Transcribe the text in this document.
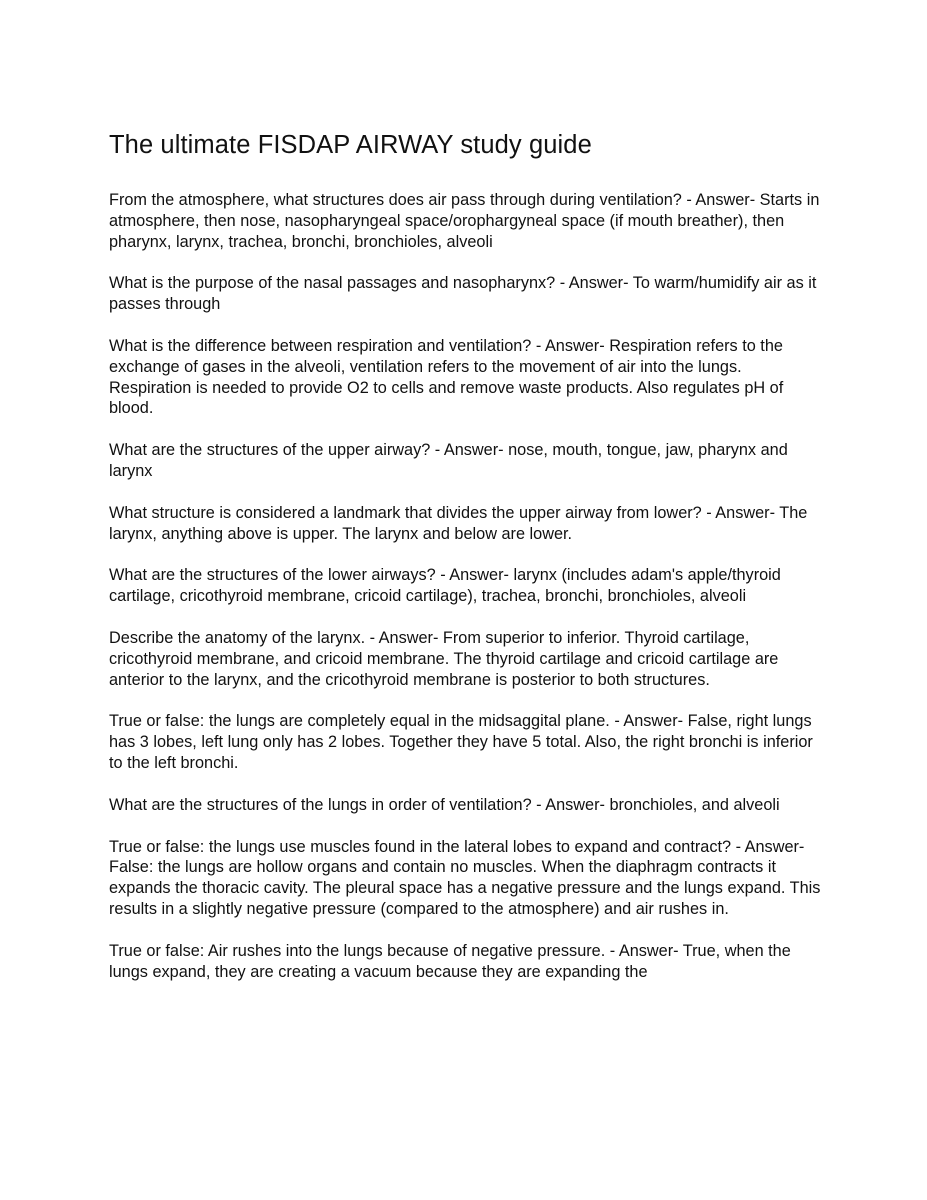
The ultimate FISDAP AIRWAY study guide

From the atmosphere, what structures does air pass through during ventilation? - Answer- Starts in atmosphere, then nose, nasopharyngeal space/orophargyneal space (if mouth breather), then pharynx, larynx, trachea, bronchi, bronchioles, alveoli

What is the purpose of the nasal passages and nasopharynx? - Answer- To warm/humidify air as it passes through

What is the difference between respiration and ventilation? - Answer- Respiration refers to the exchange of gases in the alveoli, ventilation refers to the movement of air into the lungs. Respiration is needed to provide O2 to cells and remove waste products. Also regulates pH of blood.

What are the structures of the upper airway? - Answer- nose, mouth, tongue, jaw, pharynx and larynx

What structure is considered a landmark that divides the upper airway from lower? - Answer- The larynx, anything above is upper. The larynx and below are lower.

What are the structures of the lower airways? - Answer- larynx (includes adam's apple/thyroid cartilage, cricothyroid membrane, cricoid cartilage), trachea, bronchi, bronchioles, alveoli

Describe the anatomy of the larynx. - Answer- From superior to inferior. Thyroid cartilage, cricothyroid membrane, and cricoid membrane. The thyroid cartilage and cricoid cartilage are anterior to the larynx, and the cricothyroid membrane is posterior to both structures.

True or false: the lungs are completely equal in the midsaggital plane. - Answer- False, right lungs has 3 lobes, left lung only has 2 lobes. Together they have 5 total. Also, the right bronchi is inferior to the left bronchi.

What are the structures of the lungs in order of ventilation? - Answer- bronchioles, and alveoli

True or false: the lungs use muscles found in the lateral lobes to expand and contract? - Answer- False: the lungs are hollow organs and contain no muscles. When the diaphragm contracts it expands the thoracic cavity. The pleural space has a negative pressure and the lungs expand. This results in a slightly negative pressure (compared to the atmosphere) and air rushes in.

True or false: Air rushes into the lungs because of negative pressure. - Answer- True, when the lungs expand, they are creating a vacuum because they are expanding the
